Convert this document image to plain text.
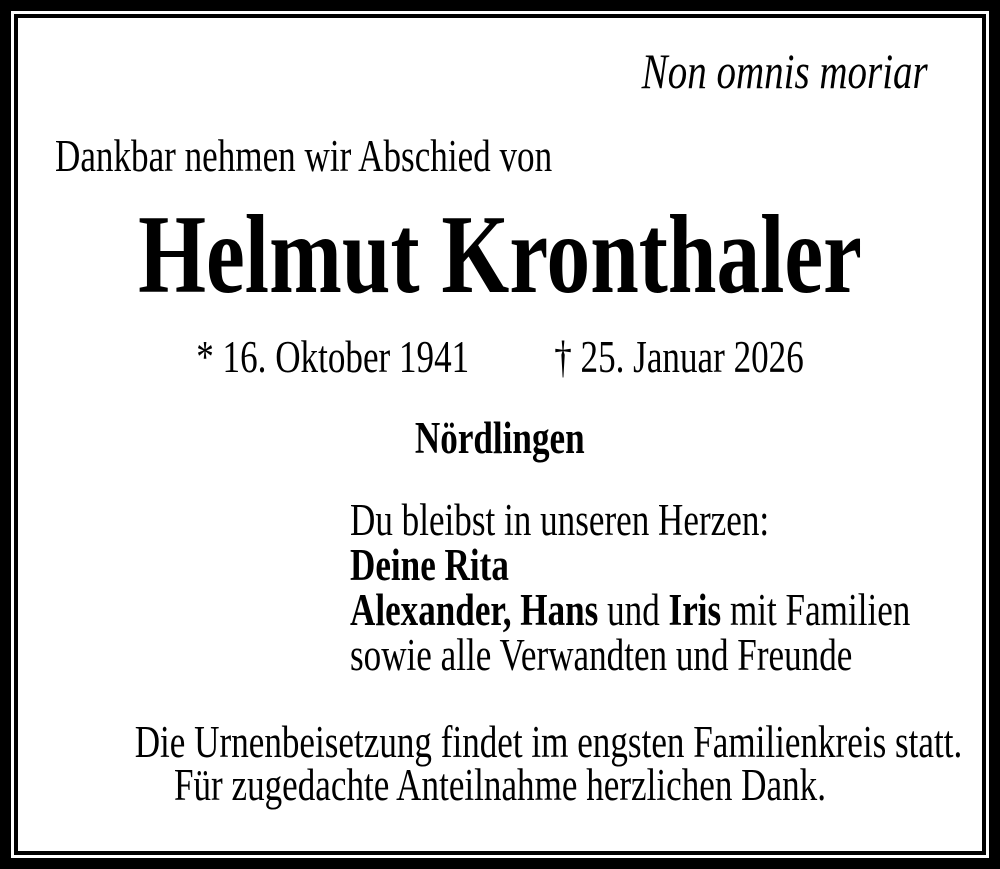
Non omnis moriar
Dankbar nehmen wir Abschied von
Helmut Kronthaler
* 16. Oktober 1941 † 25. Januar 2026
Nördlingen
Du bleibst in unseren Herzen:
Deine Rita
Alexander, Hans und Iris mit Familien
sowie alle Verwandten und Freunde
Die Urnenbeisetzung findet im engsten Familienkreis statt.
Für zugedachte Anteilnahme herzlichen Dank.
